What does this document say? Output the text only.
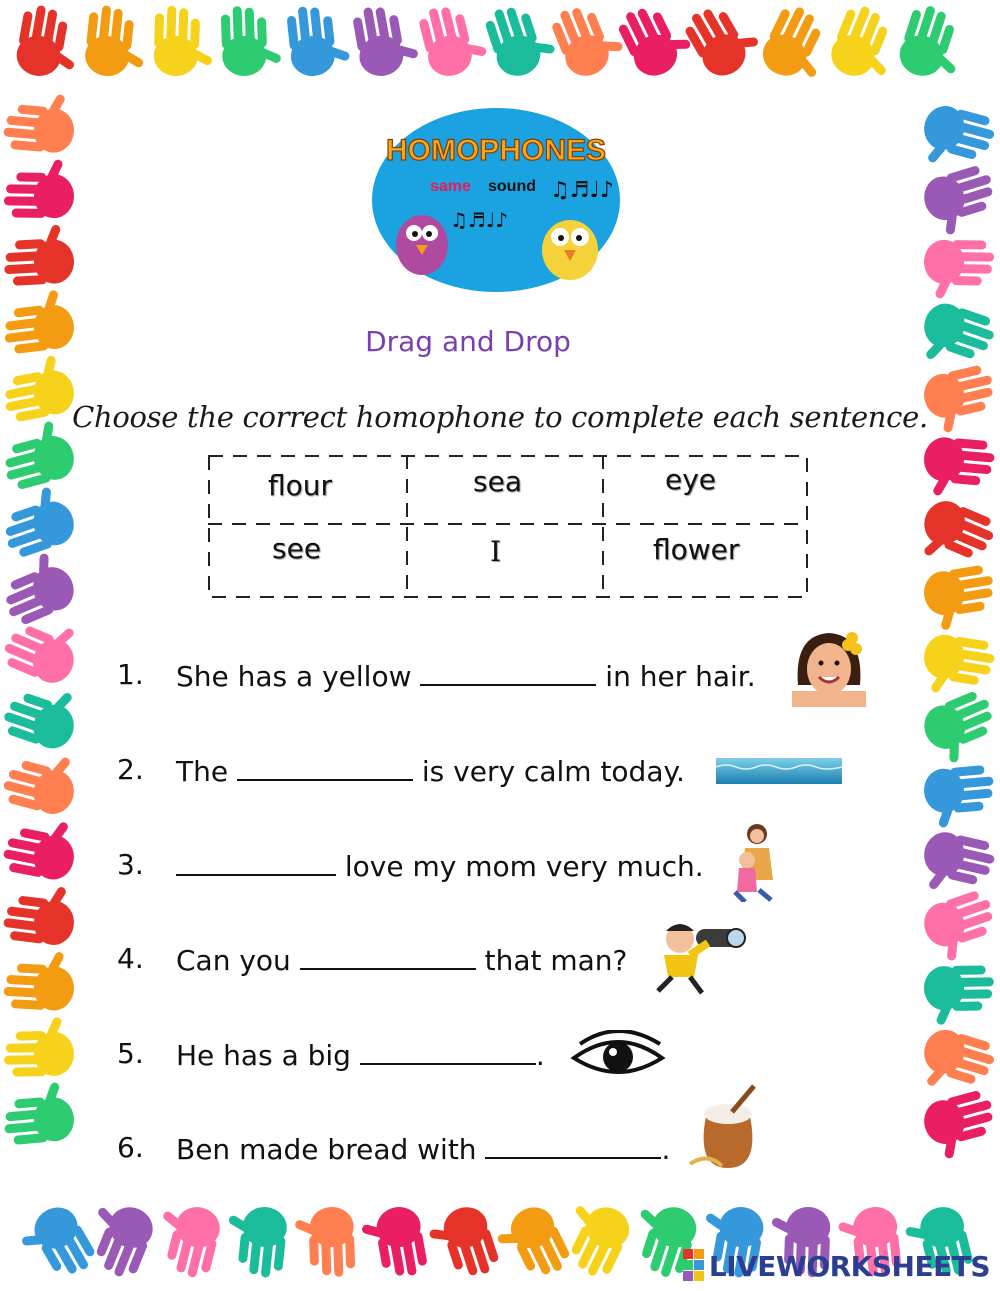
HOMOPHONES
same sound ♫♬♩♪
♫♬♩♪
Drag and Drop
Choose the correct homophone to complete each sentence.
flour	sea	eye
see	I	flower
1. She has a yellow	in her hair.
2. The	is very calm today.
3.	love my mom very much.
4. Can you	that man?
5. He has a big	.
6. Ben made bread with	.
LIVEWORKSHEETS
